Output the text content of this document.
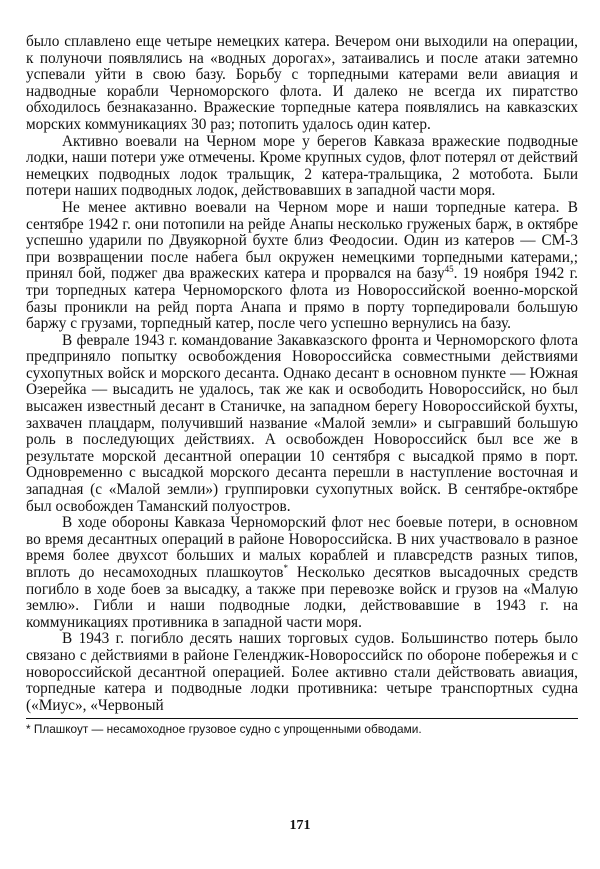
было сплавлено еще четыре немецких катера. Вечером они выходили на операции, к полуночи появлялись на «водных дорогах», затаивались и после атаки затемно успевали уйти в свою базу. Борьбу с торпедными катерами вели авиация и надводные корабли Черноморского флота. И далеко не всегда их пиратство обходилось безнаказанно. Вражеские торпедные катера появлялись на кавказских морских коммуникациях 30 раз; потопить удалось один катер.

Активно воевали на Черном море у берегов Кавказа вражеские подводные лодки, наши потери уже отмечены. Кроме крупных судов, флот потерял от действий немецких подводных лодок тральщик, 2 катера-тральщика, 2 мотобота. Были потери наших подводных лодок, действовавших в западной части моря.

Не менее активно воевали на Черном море и наши торпедные катера. В сентябре 1942 г. они потопили на рейде Анапы несколько груженых барж, в октябре успешно ударили по Двуякорной бухте близ Феодосии. Один из катеров — СМ-3 при возвращении после набега был окружен немецкими торпедными катерами,; принял бой, поджег два вражеских катера и прорвался на базу$^{45}$. 19 ноября 1942 г. три торпедных катера Черноморского флота из Новороссийской военно-морской базы проникли на рейд порта Анапа и прямо в порту торпедировали большую баржу с грузами, торпедный катер, после чего успешно вернулись на базу.

В феврале 1943 г. командование Закавказского фронта и Черноморского флота предприняло попытку освобождения Новороссийска совместными действиями сухопутных войск и морского десанта. Однако десант в основном пункте — Южная Озерейка — высадить не удалось, так же как и освободить Новороссийск, но был высажен известный десант в Станичке, на западном берегу Новороссийской бухты, захвачен плацдарм, получивший название «Малой земли» и сыгравший большую роль в последующих действиях. А освобожден Новороссийск был все же в результате морской десантной операции 10 сентября с высадкой прямо в порт. Одновременно с высадкой морского десанта перешли в наступление восточная и западная (с «Малой земли») группировки сухопутных войск. В сентябре-октябре был освобожден Таманский полуостров.

В ходе обороны Кавказа Черноморский флот нес боевые потери, в основном во время десантных операций в районе Новороссийска. В них участвовало в разное время более двухсот больших и малых кораблей и плавсредств разных типов, вплоть до несамоходных плашкоутов* Несколько десятков высадочных средств погибло в ходе боев за высадку, а также при перевозке войск и грузов на «Малую землю». Гибли и наши подводные лодки, действовавшие в 1943 г. на коммуникациях противника в западной части моря.

В 1943 г. погибло десять наших торговых судов. Большинство потерь было связано с действиями в районе Геленджик-Новороссийск по обороне побережья и с новороссийской десантной операцией. Более активно стали действовать авиация, торпедные катера и подводные лодки противника: четыре транспортных судна («Миус», «Червоный

* Плашкоут — несамоходное грузовое судно с упрощенными обводами.
171
